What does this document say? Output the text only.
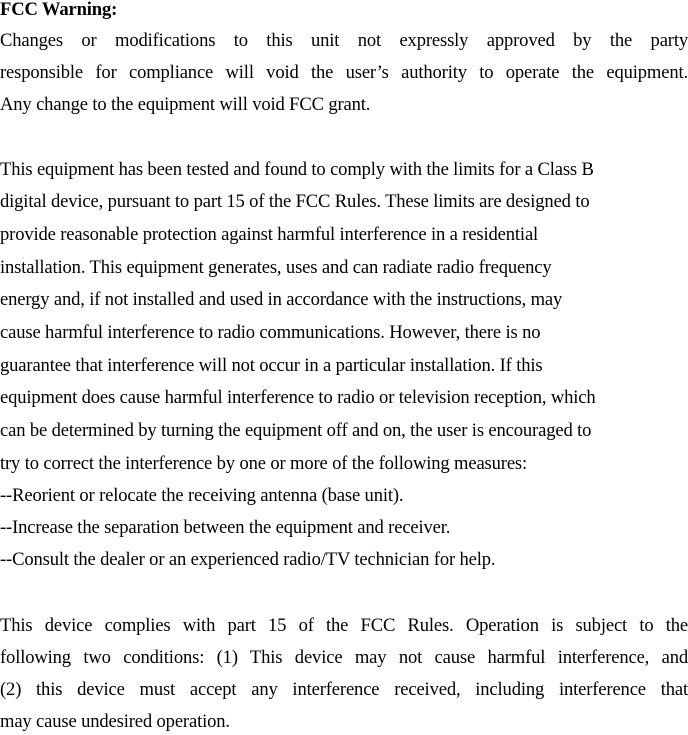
FCC Warning:
Changes or modifications to this unit not expressly approved by the party
responsible for compliance will void the user’s authority to operate the equipment.
Any change to the equipment will void FCC grant.
This equipment has been tested and found to comply with the limits for a Class B
digital device, pursuant to part 15 of the FCC Rules. These limits are designed to
provide reasonable protection against harmful interference in a residential
installation. This equipment generates, uses and can radiate radio frequency
energy and, if not installed and used in accordance with the instructions, may
cause harmful interference to radio communications. However, there is no
guarantee that interference will not occur in a particular installation. If this
equipment does cause harmful interference to radio or television reception, which
can be determined by turning the equipment off and on, the user is encouraged to
try to correct the interference by one or more of the following measures:
--Reorient or relocate the receiving antenna (base unit).
--Increase the separation between the equipment and receiver.
--Consult the dealer or an experienced radio/TV technician for help.
This device complies with part 15 of the FCC Rules. Operation is subject to the
following two conditions: (1) This device may not cause harmful interference, and
(2) this device must accept any interference received, including interference that
may cause undesired operation.
